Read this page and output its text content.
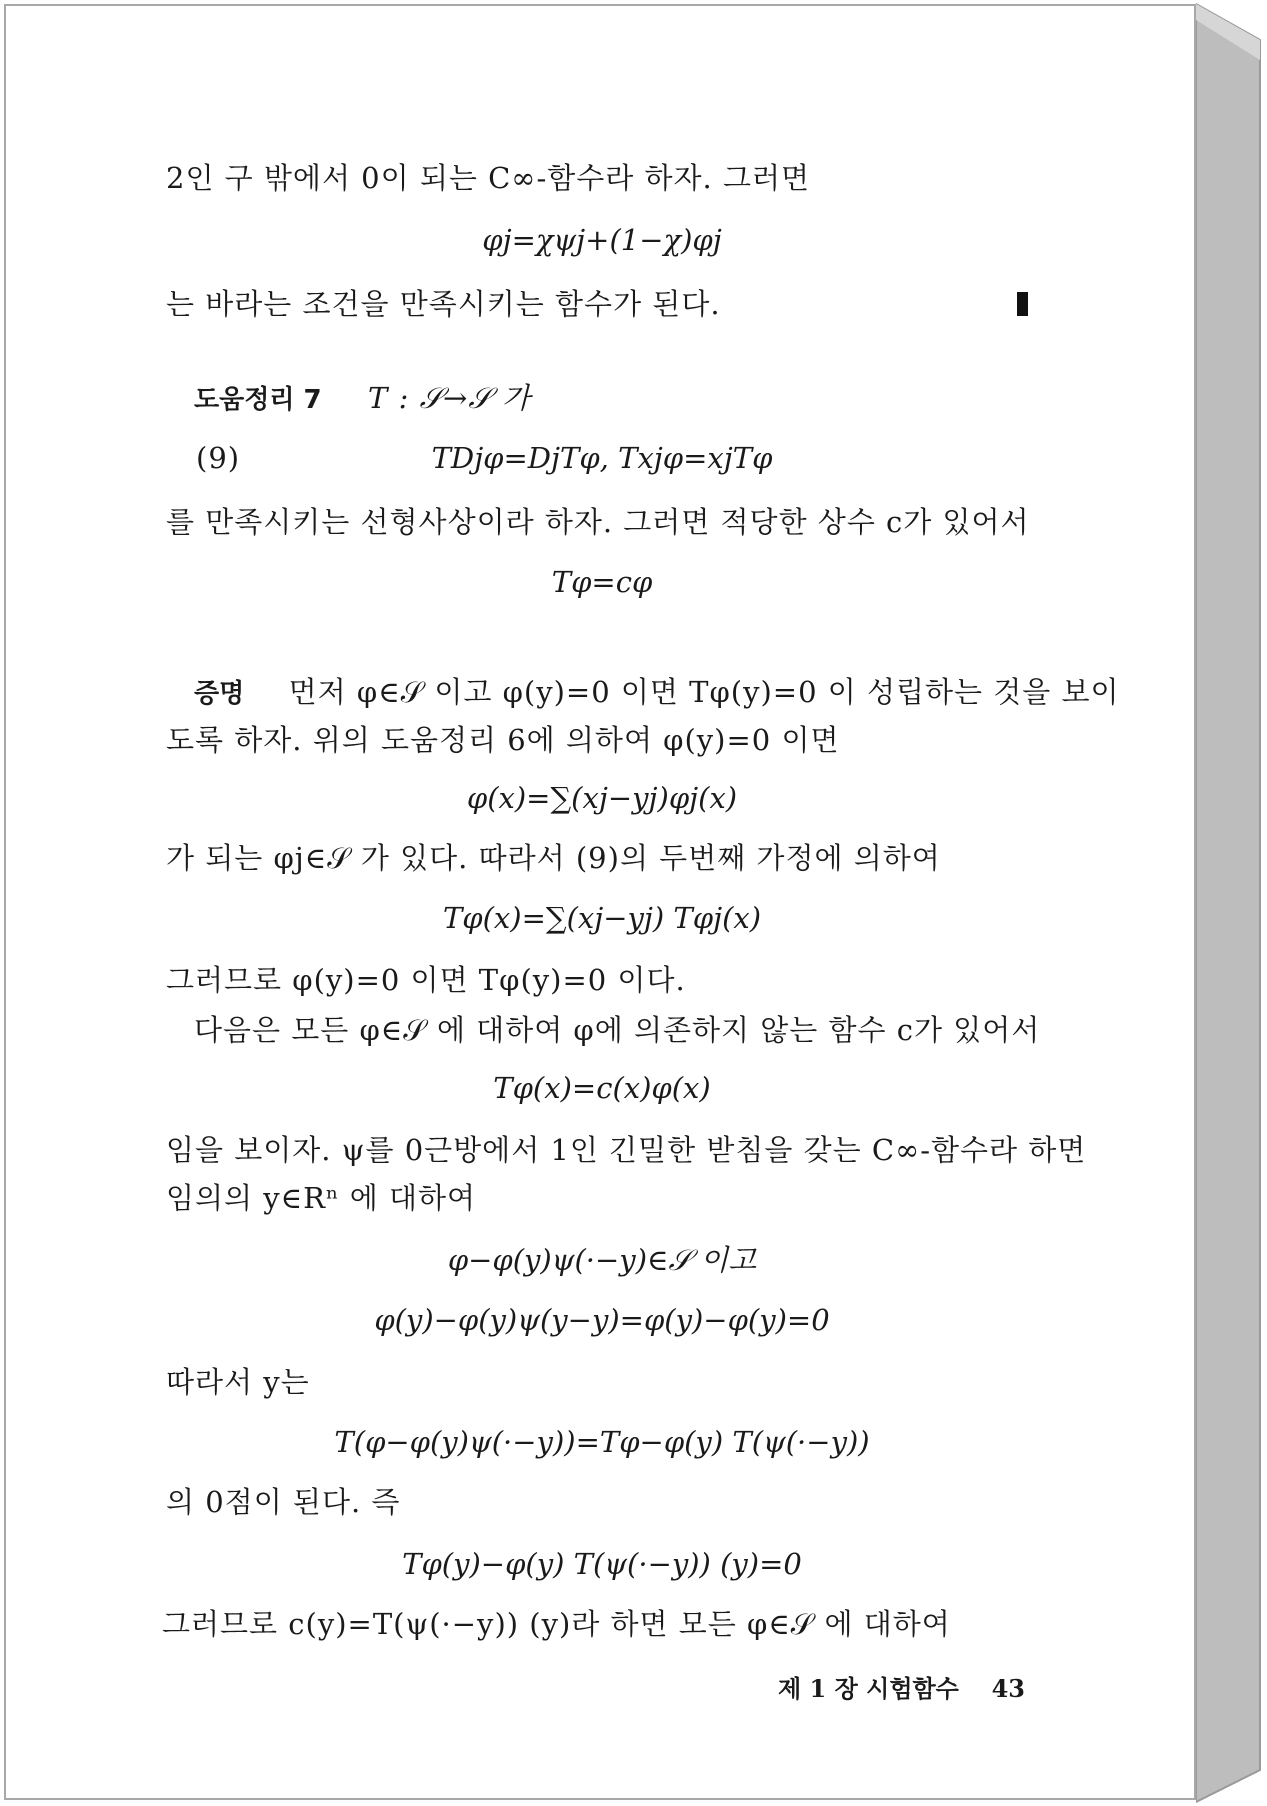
2인 구 밖에서 0이 되는 C∞-함수라 하자. 그러면
φj=χψj+(1−χ)φj
는 바라는 조건을 만족시키는 함수가 된다.
도움정리 7 T : 𝒮→𝒮 가
(9)	TDjφ=DjTφ, Txjφ=xjTφ
를 만족시키는 선형사상이라 하자. 그러면 적당한 상수 c가 있어서
Tφ=cφ
증명 먼저 φ∈𝒮 이고 φ(y)=0 이면 Tφ(y)=0 이 성립하는 것을 보이
도록 하자. 위의 도움정리 6에 의하여 φ(y)=0 이면
φ(x)=∑(xj−yj)φj(x)
가 되는 φj∈𝒮 가 있다. 따라서 (9)의 두번째 가정에 의하여
Tφ(x)=∑(xj−yj) Tφj(x)
그러므로 φ(y)=0 이면 Tφ(y)=0 이다.
다음은 모든 φ∈𝒮 에 대하여 φ에 의존하지 않는 함수 c가 있어서
Tφ(x)=c(x)φ(x)
임을 보이자. ψ를 0근방에서 1인 긴밀한 받침을 갖는 C∞-함수라 하면
임의의 y∈Rⁿ 에 대하여
φ−φ(y)ψ(·−y)∈𝒮 이고
φ(y)−φ(y)ψ(y−y)=φ(y)−φ(y)=0
따라서 y는
T(φ−φ(y)ψ(·−y))=Tφ−φ(y) T(ψ(·−y))
의 0점이 된다. 즉
Tφ(y)−φ(y) T(ψ(·−y)) (y)=0
그러므로 c(y)=T(ψ(·−y)) (y)라 하면 모든 φ∈𝒮 에 대하여
제 1 장 시험함수 43
